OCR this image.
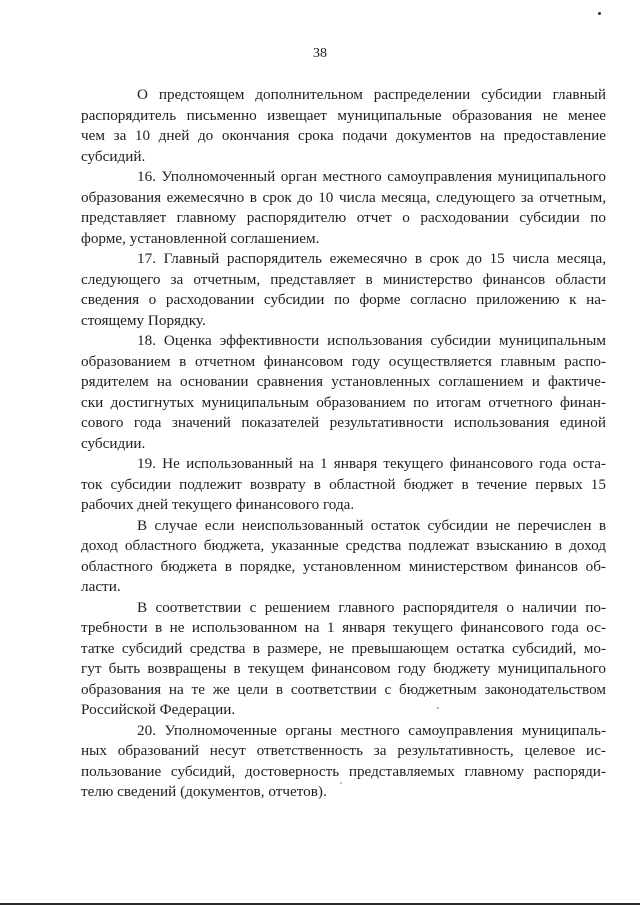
38
О предстоящем дополнительном распределении субсидии главный
распорядитель письменно извещает муниципальные образования не менее
чем за 10 дней до окончания срока подачи документов на предоставление
субсидий.
16. Уполномоченный орган местного самоуправления муниципального
образования ежемесячно в срок до 10 числа месяца, следующего за отчетным,
представляет главному распорядителю отчет о расходовании субсидии по
форме, установленной соглашением.
17. Главный распорядитель ежемесячно в срок до 15 числа месяца,
следующего за отчетным, представляет в министерство финансов области
сведения о расходовании субсидии по форме согласно приложению к на-
стоящему Порядку.
18. Оценка эффективности использования субсидии муниципальным
образованием в отчетном финансовом году осуществляется главным распо-
рядителем на основании сравнения установленных соглашением и фактиче-
ски достигнутых муниципальным образованием по итогам отчетного финан-
сового года значений показателей результативности использования единой
субсидии.
19. Не использованный на 1 января текущего финансового года остa-
ток субсидии подлежит возврату в областной бюджет в течение первых 15
рабочих дней текущего финансового года.
В случае если неиспользованный остаток субсидии не перечислен в
доход областного бюджета, указанные средства подлежат взысканию в доход
областного бюджета в порядке, установленном министерством финансов об-
ласти.
В соответствии с решением главного распорядителя о наличии по-
требности в не использованном на 1 января текущего финансового года ос-
татке субсидий средства в размере, не превышающем остатка субсидий, мо-
гут быть возвращены в текущем финансовом году бюджету муниципального
образования на те же цели в соответствии с бюджетным законодательством
Российской Федерации.
20. Уполномоченные органы местного самоуправления муниципаль-
ных образований несут ответственность за результативность, целевое ис-
пользование субсидий, достоверность представляемых главному распоряди-
телю сведений (документов, отчетов).
